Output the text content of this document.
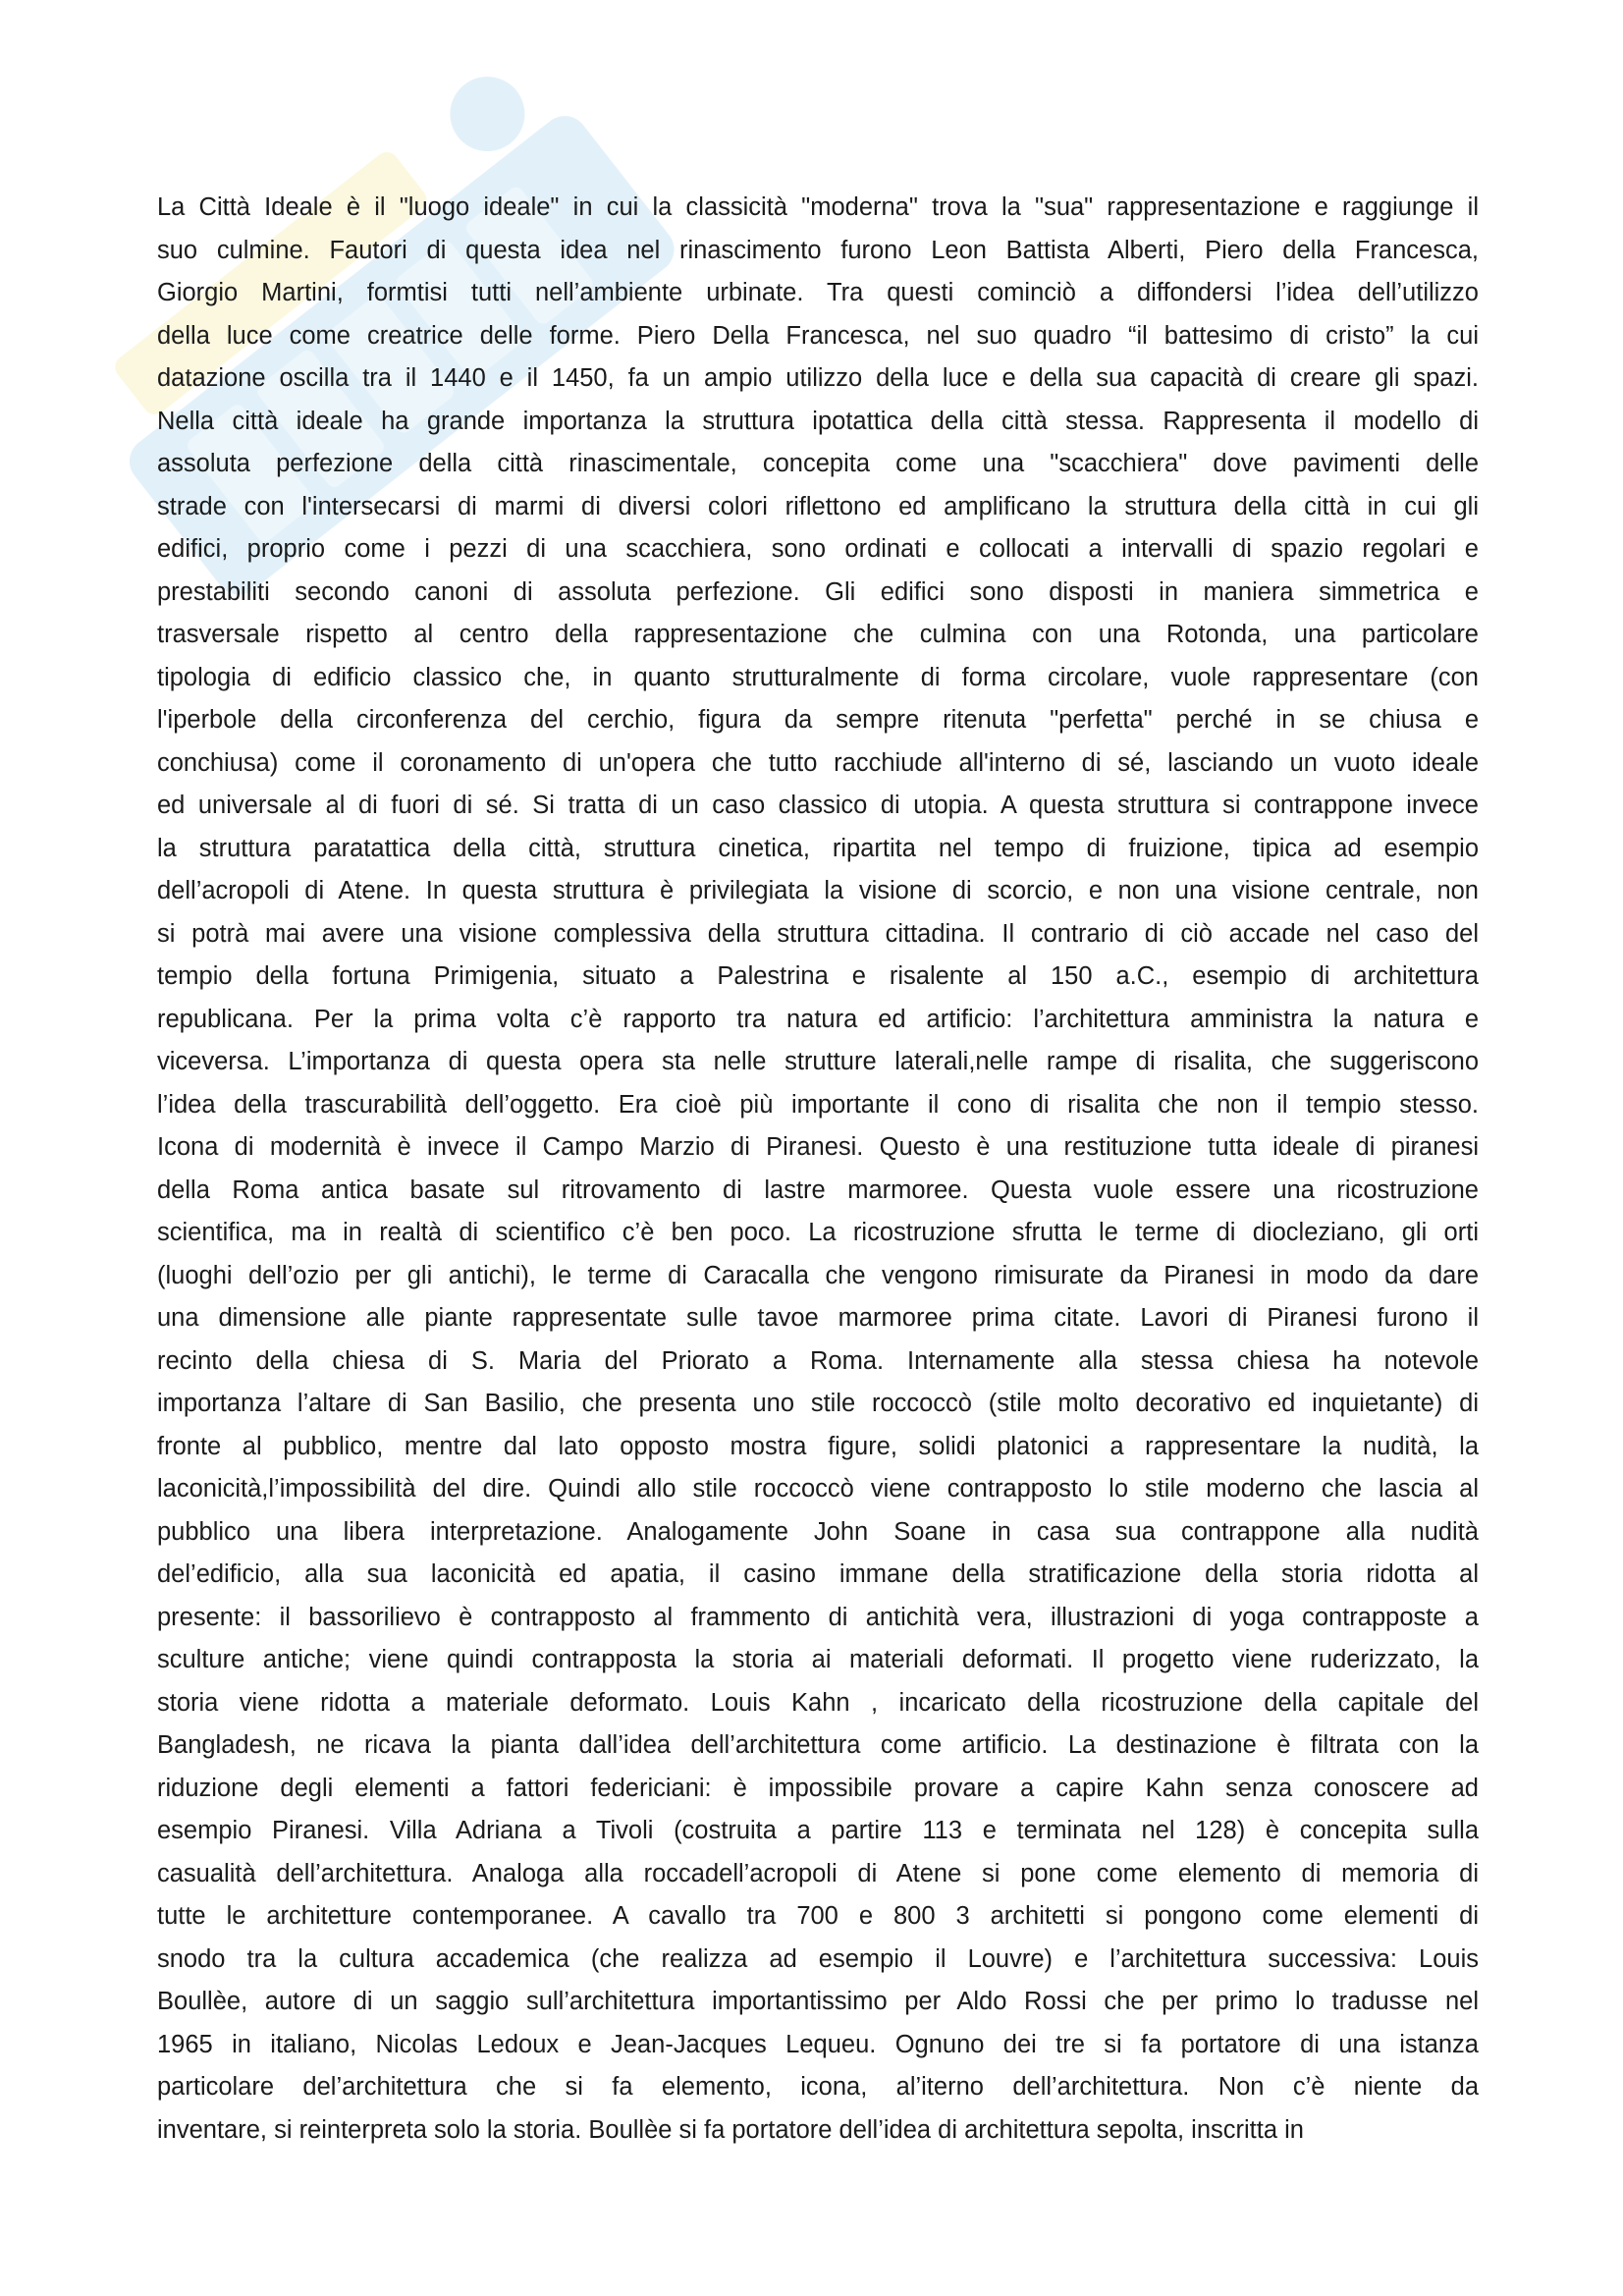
La Città Ideale è il "luogo ideale" in cui la classicità "moderna" trova la "sua" rappresentazione e raggiunge il
suo culmine. Fautori di questa idea nel rinascimento furono Leon Battista Alberti, Piero della Francesca,
Giorgio Martini, formtisi tutti nell’ambiente urbinate. Tra questi cominciò a diffondersi l’idea dell’utilizzo
della luce come creatrice delle forme. Piero Della Francesca, nel suo quadro “il battesimo di cristo” la cui
datazione oscilla tra il 1440 e il 1450, fa un ampio utilizzo della luce e della sua capacità di creare gli spazi.
Nella città ideale ha grande importanza la struttura ipotattica della città stessa. Rappresenta il modello di
assoluta perfezione della città rinascimentale, concepita come una "scacchiera" dove pavimenti delle
strade con l'intersecarsi di marmi di diversi colori riflettono ed amplificano la struttura della città in cui gli
edifici, proprio come i pezzi di una scacchiera, sono ordinati e collocati a intervalli di spazio regolari e
prestabiliti secondo canoni di assoluta perfezione. Gli edifici sono disposti in maniera simmetrica e
trasversale rispetto al centro della rappresentazione che culmina con una Rotonda, una particolare
tipologia di edificio classico che, in quanto strutturalmente di forma circolare, vuole rappresentare (con
l'iperbole della circonferenza del cerchio, figura da sempre ritenuta "perfetta" perché in se chiusa e
conchiusa) come il coronamento di un'opera che tutto racchiude all'interno di sé, lasciando un vuoto ideale
ed universale al di fuori di sé. Si tratta di un caso classico di utopia. A questa struttura si contrappone invece
la struttura paratattica della città, struttura cinetica, ripartita nel tempo di fruizione, tipica ad esempio
dell’acropoli di Atene. In questa struttura è privilegiata la visione di scorcio, e non una visione centrale, non
si potrà mai avere una visione complessiva della struttura cittadina. Il contrario di ciò accade nel caso del
tempio della fortuna Primigenia, situato a Palestrina e risalente al 150 a.C., esempio di architettura
republicana. Per la prima volta c’è rapporto tra natura ed artificio: l’architettura amministra la natura e
viceversa. L’importanza di questa opera sta nelle strutture laterali,nelle rampe di risalita, che suggeriscono
l’idea della trascurabilità dell’oggetto. Era cioè più importante il cono di risalita che non il tempio stesso.
Icona di modernità è invece il Campo Marzio di Piranesi. Questo è una restituzione tutta ideale di piranesi
della Roma antica basate sul ritrovamento di lastre marmoree. Questa vuole essere una ricostruzione
scientifica, ma in realtà di scientifico c’è ben poco. La ricostruzione sfrutta le terme di diocleziano, gli orti
(luoghi dell’ozio per gli antichi), le terme di Caracalla che vengono rimisurate da Piranesi in modo da dare
una dimensione alle piante rappresentate sulle tavoe marmoree prima citate. Lavori di Piranesi furono il
recinto della chiesa di S. Maria del Priorato a Roma. Internamente alla stessa chiesa ha notevole
importanza l’altare di San Basilio, che presenta uno stile roccoccò (stile molto decorativo ed inquietante) di
fronte al pubblico, mentre dal lato opposto mostra figure, solidi platonici a rappresentare la nudità, la
laconicità,l’impossibilità del dire. Quindi allo stile roccoccò viene contrapposto lo stile moderno che lascia al
pubblico una libera interpretazione. Analogamente John Soane in casa sua contrappone alla nudità
del’edificio, alla sua laconicità ed apatia, il casino immane della stratificazione della storia ridotta al
presente: il bassorilievo è contrapposto al frammento di antichità vera, illustrazioni di yoga contrapposte a
sculture antiche; viene quindi contrapposta la storia ai materiali deformati. Il progetto viene ruderizzato, la
storia viene ridotta a materiale deformato. Louis Kahn , incaricato della ricostruzione della capitale del
Bangladesh, ne ricava la pianta dall’idea dell’architettura come artificio. La destinazione è filtrata con la
riduzione degli elementi a fattori federiciani: è impossibile provare a capire Kahn senza conoscere ad
esempio Piranesi. Villa Adriana a Tivoli (costruita a partire 113 e terminata nel 128) è concepita sulla
casualità dell’architettura. Analoga alla roccadell’acropoli di Atene si pone come elemento di memoria di
tutte le architetture contemporanee. A cavallo tra 700 e 800 3 architetti si pongono come elementi di
snodo tra la cultura accademica (che realizza ad esempio il Louvre) e l’architettura successiva: Louis
Boullèe, autore di un saggio sull’architettura importantissimo per Aldo Rossi che per primo lo tradusse nel
1965 in italiano, Nicolas Ledoux e Jean-Jacques Lequeu. Ognuno dei tre si fa portatore di una istanza
particolare del’architettura che si fa elemento, icona, al’iterno dell’architettura. Non c’è niente da
inventare, si reinterpreta solo la storia. Boullèe si fa portatore dell’idea di architettura sepolta, inscritta in
